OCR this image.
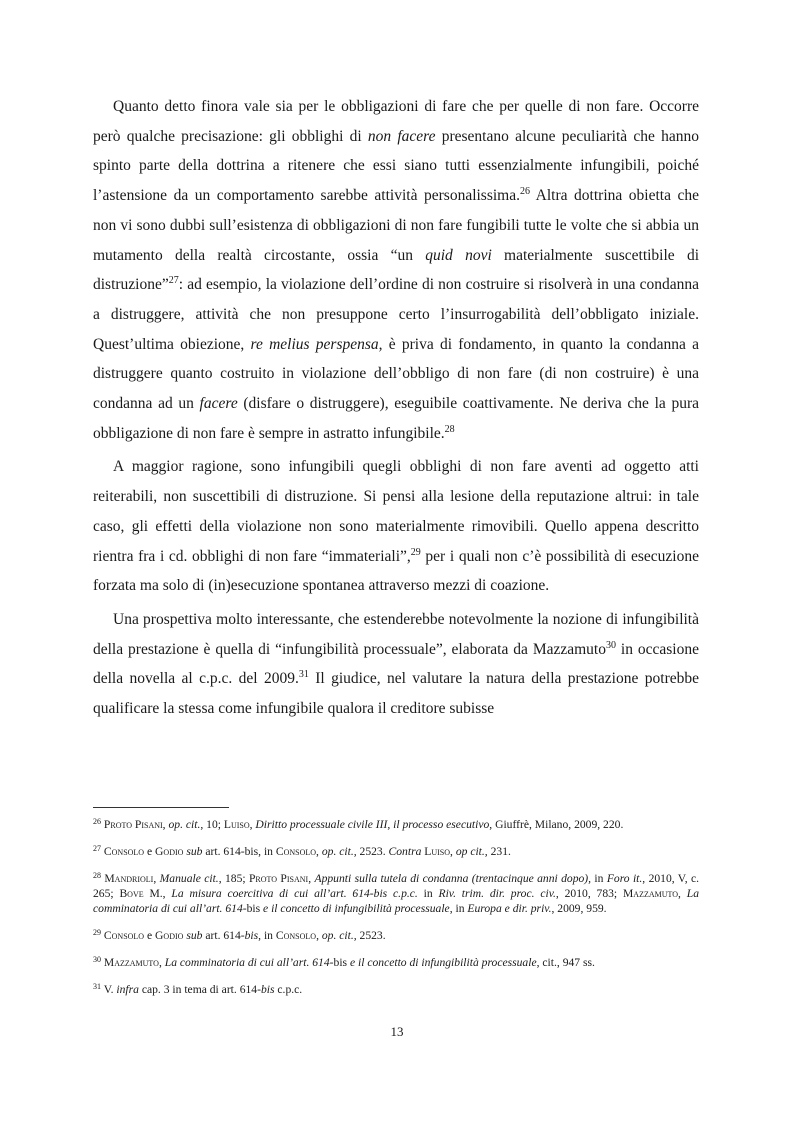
Quanto detto finora vale sia per le obbligazioni di fare che per quelle di non fare. Occorre però qualche precisazione: gli obblighi di non facere presentano alcune peculiarità che hanno spinto parte della dottrina a ritenere che essi siano tutti essenzialmente infungibili, poiché l’astensione da un comportamento sarebbe attività personalissima.$^{26}$ Altra dottrina obietta che non vi sono dubbi sull’esistenza di obbligazioni di non fare fungibili tutte le volte che si abbia un mutamento della realtà circostante, ossia “un quid novi materialmente suscettibile di distruzione”$^{27}$: ad esempio, la violazione dell’ordine di non costruire si risolverà in una condanna a distruggere, attività che non presuppone certo l’insurrogabilità dell’obbligato iniziale. Quest’ultima obiezione, re melius perspensa, è priva di fondamento, in quanto la condanna a distruggere quanto costruito in violazione dell’obbligo di non fare (di non costruire) è una condanna ad un facere (disfare o distruggere), eseguibile coattivamente. Ne deriva che la pura obbligazione di non fare è sempre in astratto infungibile.$^{28}$

A maggior ragione, sono infungibili quegli obblighi di non fare aventi ad oggetto atti reiterabili, non suscettibili di distruzione. Si pensi alla lesione della reputazione altrui: in tale caso, gli effetti della violazione non sono materialmente rimovibili. Quello appena descritto rientra fra i cd. obblighi di non fare “immateriali”,$^{29}$ per i quali non c’è possibilità di esecuzione forzata ma solo di (in)esecuzione spontanea attraverso mezzi di coazione.

Una prospettiva molto interessante, che estenderebbe notevolmente la nozione di infungibilità della prestazione è quella di “infungibilità processuale”, elaborata da Mazzamuto$^{30}$ in occasione della novella al c.p.c. del 2009.31 Il giudice, nel valutare la natura della prestazione potrebbe qualificare la stessa come infungibile qualora il creditore subisse

$^{26}$ Proto Pisani, op. cit., 10; Luiso, Diritto processuale civile III, il processo esecutivo, Giuffrè, Milano, 2009, 220.

$^{27}$ Consolo e Godio sub art. 614-bis, in Consolo, op. cit., 2523. Contra Luiso, op cit., 231.

$^{28}$ Mandrioli, Manuale cit., 185; Proto Pisani, Appunti sulla tutela di condanna (trentacinque anni dopo), in Foro it., 2010, V, c. 265; Bove M., La misura coercitiva di cui all’art. 614-bis c.p.c. in Riv. trim. dir. proc. civ., 2010, 783; Mazzamuto, La comminatoria di cui all’art. 614-bis e il concetto di infungibilità processuale, in Europa e dir. priv., 2009, 959.

$^{29}$ Consolo e Godio sub art. 614-bis, in Consolo, op. cit., 2523.

$^{30}$ Mazzamuto, La comminatoria di cui all’art. 614-bis e il concetto di infungibilità processuale, cit., 947 ss.

$^{31}$ V. infra cap. 3 in tema di art. 614-bis c.p.c.

13
